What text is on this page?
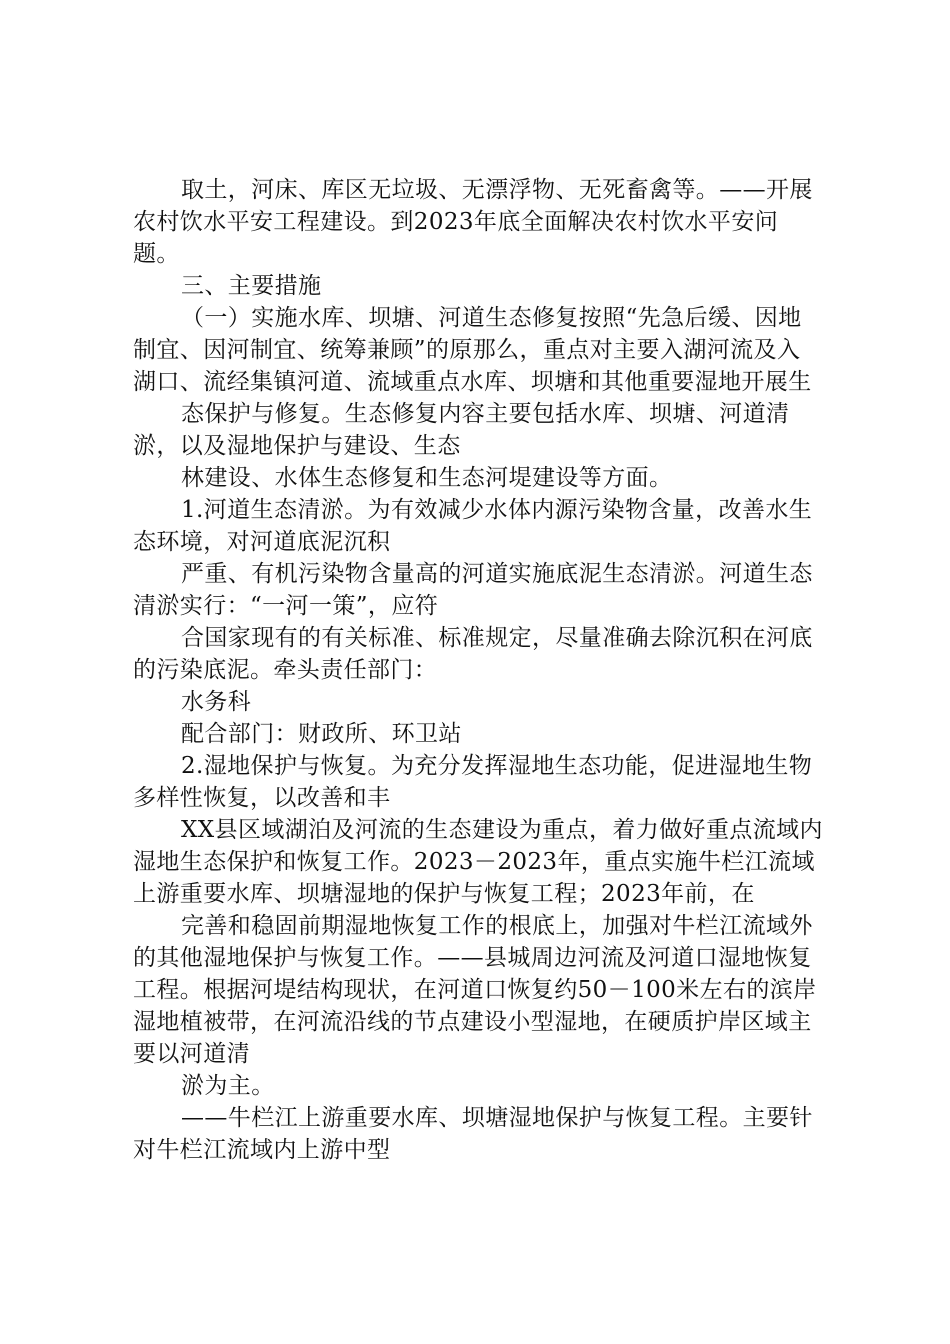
取土，河床、库区无垃圾、无漂浮物、无死畜禽等。——开展农村饮水平安工程建设。到2023年底全面解决农村饮水平安问题。

三、主要措施

（一）实施水库、坝塘、河道生态修复按照“先急后缓、因地制宜、因河制宜、统筹兼顾”的原那么，重点对主要入湖河流及入湖口、流经集镇河道、流域重点水库、坝塘和其他重要湿地开展生

态保护与修复。生态修复内容主要包括水库、坝塘、河道清淤，以及湿地保护与建设、生态

林建设、水体生态修复和生态河堤建设等方面。

1.河道生态清淤。为有效减少水体内源污染物含量，改善水生态环境，对河道底泥沉积

严重、有机污染物含量高的河道实施底泥生态清淤。河道生态清淤实行：“一河一策”，应符

合国家现有的有关标准、标准规定，尽量准确去除沉积在河底的污染底泥。牵头责任部门：

水务科

配合部门：财政所、环卫站

2.湿地保护与恢复。为充分发挥湿地生态功能，促进湿地生物多样性恢复，以改善和丰

XX县区域湖泊及河流的生态建设为重点，着力做好重点流域内湿地生态保护和恢复工作。2023－2023年，重点实施牛栏江流域上游重要水库、坝塘湿地的保护与恢复工程；2023年前，在

完善和稳固前期湿地恢复工作的根底上，加强对牛栏江流域外的其他湿地保护与恢复工作。——县城周边河流及河道口湿地恢复工程。根据河堤结构现状，在河道口恢复约50－100米左右的滨岸湿地植被带，在河流沿线的节点建设小型湿地，在硬质护岸区域主要以河道清

淤为主。

——牛栏江上游重要水库、坝塘湿地保护与恢复工程。主要针对牛栏江流域内上游中型
